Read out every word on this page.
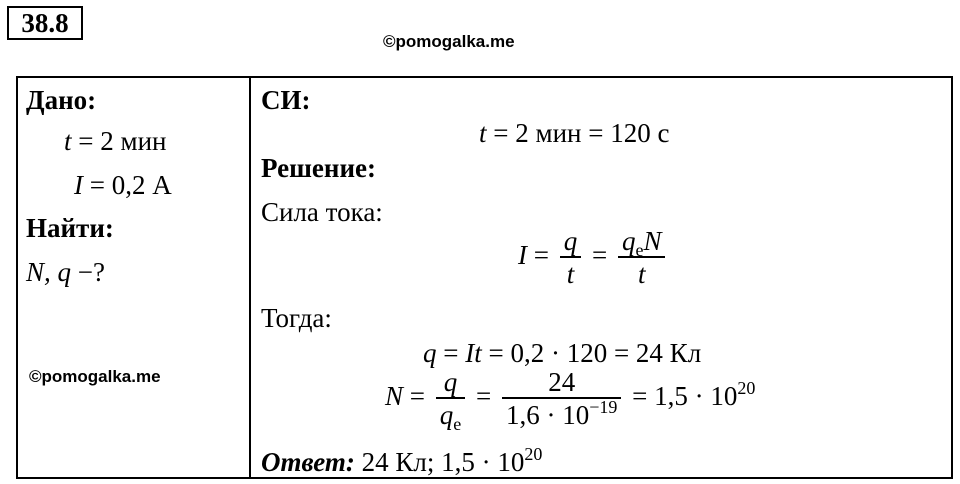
38.8
©pomogalka.me
Дано:
t = 2 мин
I = 0,2 А
Найти:
N, q −?
©pomogalka.me
СИ:
t = 2 мин = 120 с
Решение:
Сила тока:
$I = \frac{q}{t} = \frac{q_eN}{t}$
Тогда:
q = It = 0,2 · 120 = 24 Кл
$N = \frac{q}{q_e} = \frac{24}{1,6 \cdot 10^{-19}} = 1,5 \cdot 10^{20}$
Ответ: 24 Кл; $1,5 \cdot 10^{20}$
